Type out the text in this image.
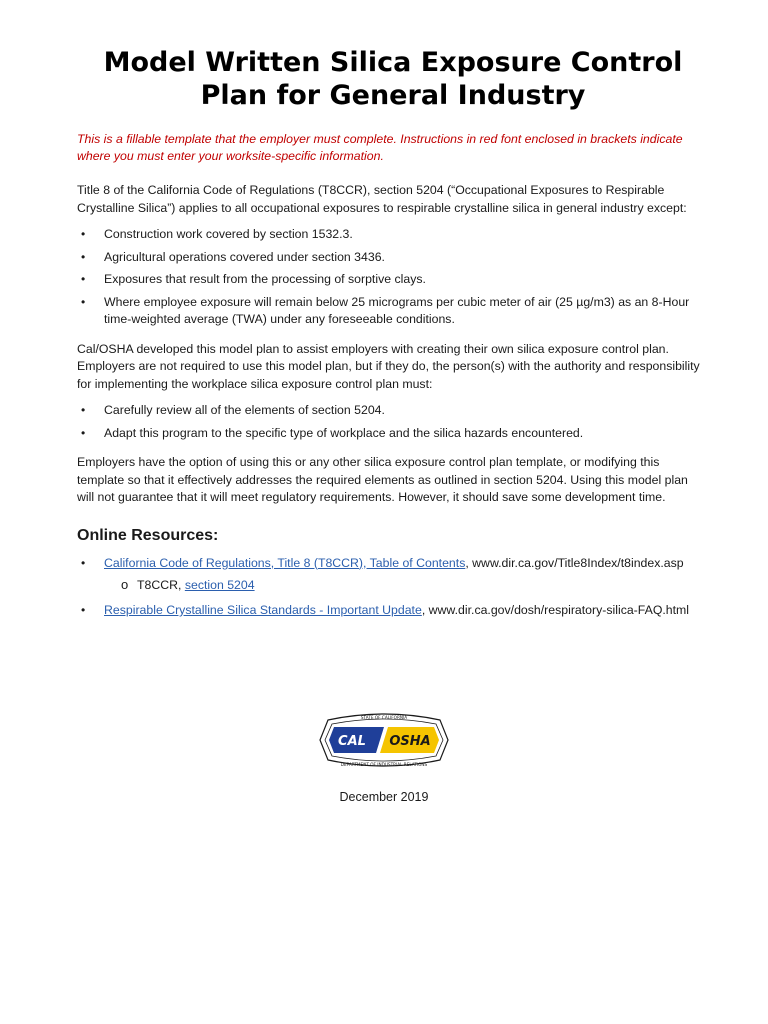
Model Written Silica Exposure Control Plan for General Industry

This is a fillable template that the employer must complete. Instructions in red font enclosed in brackets indicate where you must enter your worksite-specific information.

Title 8 of the California Code of Regulations (T8CCR), section 5204 (“Occupational Exposures to Respirable Crystalline Silica”) applies to all occupational exposures to respirable crystalline silica in general industry except:

• Construction work covered by section 1532.3.
• Agricultural operations covered under section 3436.
• Exposures that result from the processing of sorptive clays.
• Where employee exposure will remain below 25 micrograms per cubic meter of air (25 µg/m3) as an 8-Hour time-weighted average (TWA) under any foreseeable conditions.

Cal/OSHA developed this model plan to assist employers with creating their own silica exposure control plan. Employers are not required to use this model plan, but if they do, the person(s) with the authority and responsibility for implementing the workplace silica exposure control plan must:

• Carefully review all of the elements of section 5204.
• Adapt this program to the specific type of workplace and the silica hazards encountered.

Employers have the option of using this or any other silica exposure control plan template, or modifying this template so that it effectively addresses the required elements as outlined in section 5204. Using this model plan will not guarantee that it will meet regulatory requirements. However, it should save some development time.

Online Resources:
• California Code of Regulations, Title 8 (T8CCR), Table of Contents, www.dir.ca.gov/Title8Index/t8index.asp
o T8CCR, section 5204
• Respirable Crystalline Silica Standards - Important Update, www.dir.ca.gov/dosh/respiratory-silica-FAQ.html
CAL OSHA
STATE OF CALIFORNIA
DEPARTMENT OF INDUSTRIAL RELATIONS
December 2019
